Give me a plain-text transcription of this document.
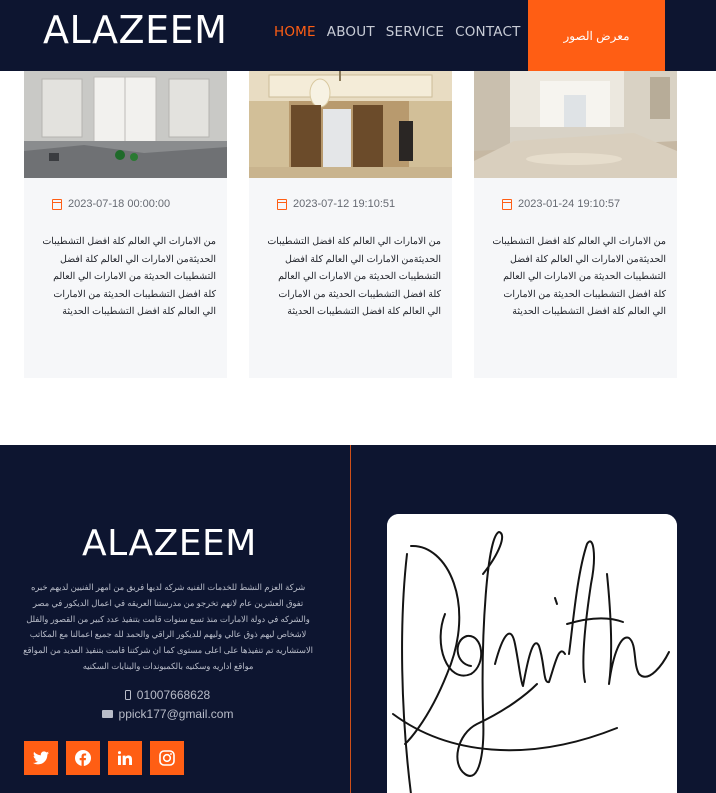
ALAZEEM	HOME ABOUT SERVICE CONTACT	معرض الصور
2023-07-18 00:00:00
من الامارات الي العالم كلة افضل التشطيبات الحديثةمن الامارات الي العالم كلة افضل التشطيبات الحديثة من الامارات الي العالم كلة افضل التشطيبات الحديثة من الامارات الي العالم كلة افضل التشطيبات الحديثة
2023-07-12 19:10:51
من الامارات الي العالم كلة افضل التشطيبات الحديثةمن الامارات الي العالم كلة افضل التشطيبات الحديثة من الامارات الي العالم كلة افضل التشطيبات الحديثة من الامارات الي العالم كلة افضل التشطيبات الحديثة
2023-01-24 19:10:57
من الامارات الي العالم كلة افضل التشطيبات الحديثةمن الامارات الي العالم كلة افضل التشطيبات الحديثة من الامارات الي العالم كلة افضل التشطيبات الحديثة من الامارات الي العالم كلة افضل التشطيبات الحديثة
ALAZEEM
شركة العزم النشط للخدمات الفنيه شركه لديها فريق من امهر الفنيين لديهم خبره تفوق العشرين عام لانهم تخرجو من مدرستنا العريقه في اعمال الديكور في مصر والشركه في دولة الامارات منذ تسع سنوات قامت بتنفيذ عدد كبير من القصور والفلل لاشخاص ليهم ذوق عالي وليهم للديكور الراقي والحمد لله جميع اعمالنا مع المكاتب الاستشاريه تم تنفيذها على اعلى مستوى كما ان شركتنا قامت بتنفيذ العديد من المواقع مواقع اداريه وسكنيه بالكمبوندات والبنايات السكنيه
01007668628
ppick177@gmail.com
